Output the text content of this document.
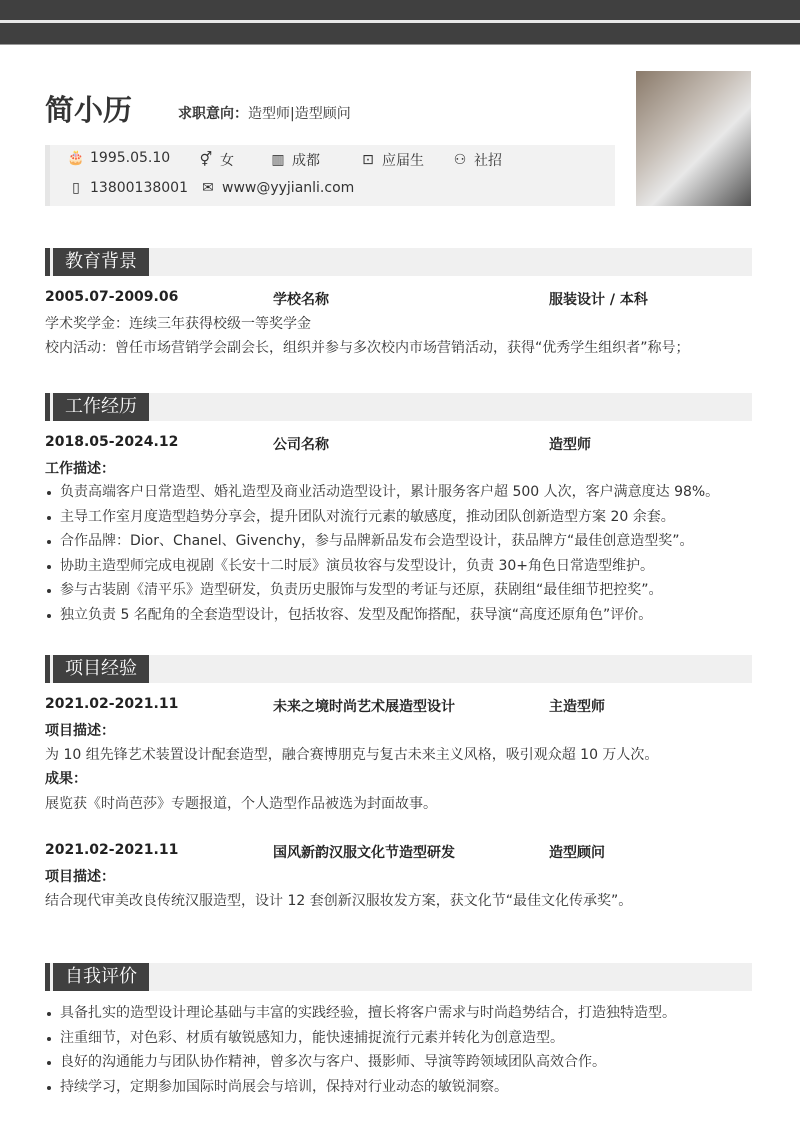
简小历	求职意向：造型师|造型顾问
🎂 1995.05.10 ⚥ 女	▥ 成都	⊡ 应届生 ⚇ 社招
▯ 13800138001 ✉ www@yyjianli.com
教育背景
2005.07-2009.06	学校名称	服装设计 / 本科
学术奖学金：连续三年获得校级一等奖学金
校内活动：曾任市场营销学会副会长，组织并参与多次校内市场营销活动，获得“优秀学生组织者”称号；
工作经历
2018.05-2024.12	公司名称	造型师
工作描述：
负责高端客户日常造型、婚礼造型及商业活动造型设计，累计服务客户超 500 人次，客户满意度达 98%。
主导工作室月度造型趋势分享会，提升团队对流行元素的敏感度，推动团队创新造型方案 20 余套。
合作品牌：Dior、Chanel、Givenchy，参与品牌新品发布会造型设计，获品牌方“最佳创意造型奖”。
协助主造型师完成电视剧《长安十二时辰》演员妆容与发型设计，负责 30+角色日常造型维护。
参与古装剧《清平乐》造型研发，负责历史服饰与发型的考证与还原，获剧组“最佳细节把控奖”。
独立负责 5 名配角的全套造型设计，包括妆容、发型及配饰搭配，获导演“高度还原角色”评价。
项目经验
2021.02-2021.11	未来之境时尚艺术展造型设计	主造型师
项目描述：
为 10 组先锋艺术装置设计配套造型，融合赛博朋克与复古未来主义风格，吸引观众超 10 万人次。
成果：
展览获《时尚芭莎》专题报道，个人造型作品被选为封面故事。
2021.02-2021.11	国风新韵汉服文化节造型研发	造型顾问
项目描述：
结合现代审美改良传统汉服造型，设计 12 套创新汉服妆发方案，获文化节“最佳文化传承奖”。
自我评价
具备扎实的造型设计理论基础与丰富的实践经验，擅长将客户需求与时尚趋势结合，打造独特造型。
注重细节，对色彩、材质有敏锐感知力，能快速捕捉流行元素并转化为创意造型。
良好的沟通能力与团队协作精神，曾多次与客户、摄影师、导演等跨领域团队高效合作。
持续学习，定期参加国际时尚展会与培训，保持对行业动态的敏锐洞察。
